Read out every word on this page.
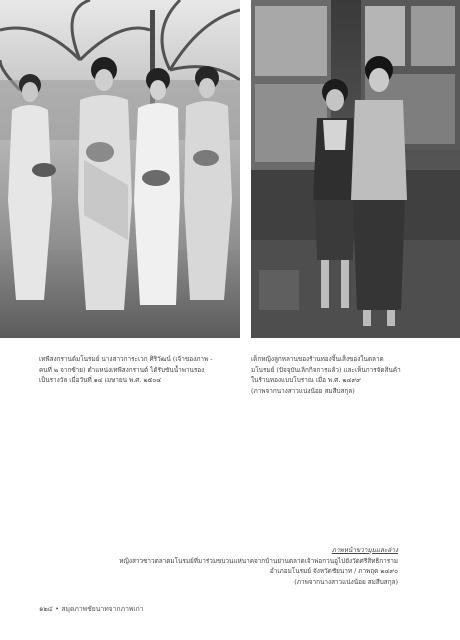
เทพีสงกรานต์มโนรมย์ นางสาวการะเวก ศิริวัฒน์ (เจ้าของภาพ -
คนที่ ๒ จากซ้าย) ตำแหน่งเทพีสงกรานต์ ได้รับขันน้ำพานรอง
เป็นรางวัล เมื่อวันที่ ๑๔ เมษายน พ.ศ. ๒๕๐๔
เด็กหญิงลูกหลานของร้านทองจิ้นเส็งของในตลาด
มโนรมย์ (ปัจจุบันเลิกกิจการแล้ว) และเห็นการจัดสินค้า
ในร้านทองแบบโบราณ เมื่อ พ.ศ. ๒๔๙๙
(ภาพจากนางสาวแน่งน้อย สมสืบสกุล)
ภาพหน้าขวามุมและล่าง
หญิงสาวชาวตลาดมโนรมย์ที่มาร่วมขบวนแห่นาคจากบ้านย่านตลาดเจ้าพ่อกวนอูไปยังวัดศรีสิทธิการาม
อำเภอมโนรมย์ จังหวัดชัยนาท / ภาพถุด ๒๔๙๐
(ภาพจากนางสาวแน่งน้อย สมสืบสกุล)
๑๒๔ • สมุดภาพชัยนาทจากภาพเก่า
